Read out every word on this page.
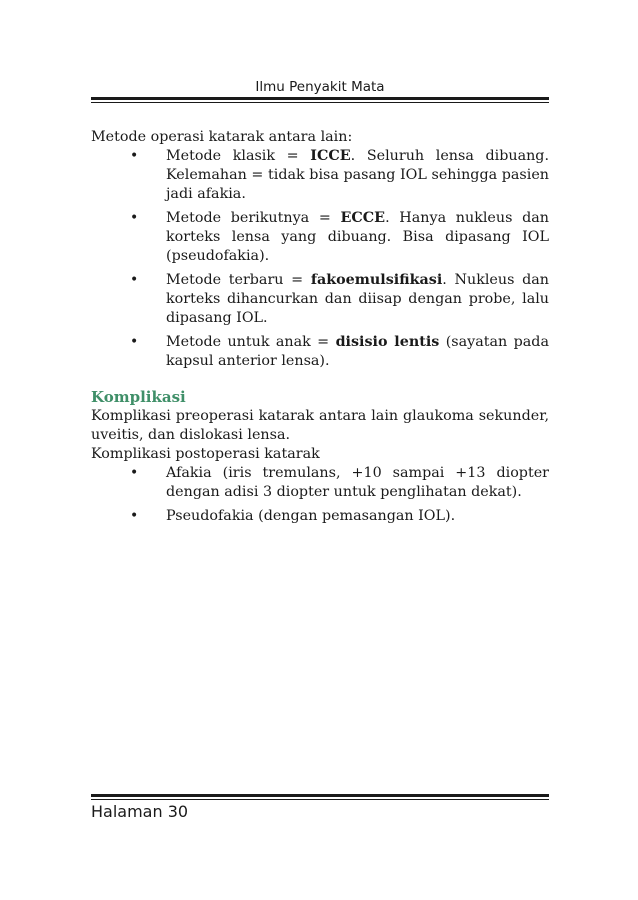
Ilmu Penyakit Mata

Metode operasi katarak antara lain:

• Metode klasik = ICCE. Seluruh lensa dibuang. Kelemahan = tidak bisa pasang IOL sehingga pasien jadi afakia.
• Metode berikutnya = ECCE. Hanya nukleus dan korteks lensa yang dibuang. Bisa dipasang IOL (pseudofakia).
• Metode terbaru = fakoemulsifikasi. Nukleus dan korteks dihancurkan dan diisap dengan probe, lalu dipasang IOL.
• Metode untuk anak = disisio lentis (sayatan pada kapsul anterior lensa).
Komplikasi

Komplikasi preoperasi katarak antara lain glaukoma sekunder, uveitis, dan dislokasi lensa.

Komplikasi postoperasi katarak

• Afakia (iris tremulans, +10 sampai +13 diopter dengan adisi 3 diopter untuk penglihatan dekat).
• Pseudofakia (dengan pemasangan IOL).
Halaman 30
